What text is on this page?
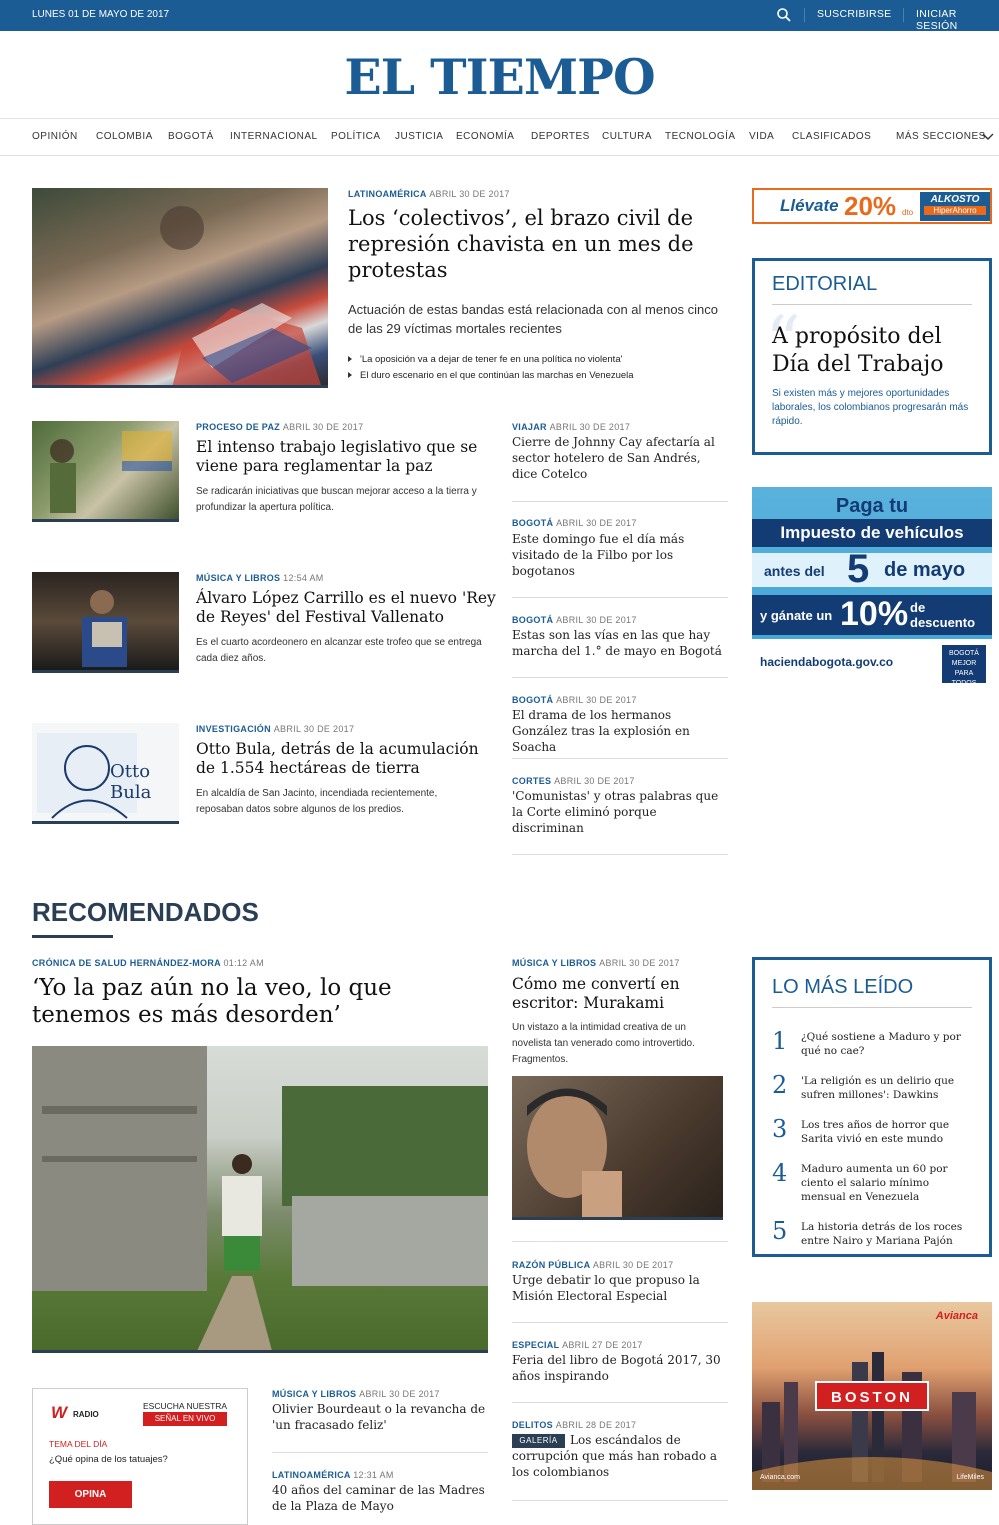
LUNES 01 DE MAYO DE 2017	SUSCRIBIRSE INICIAR SESIÓN
EL TIEMPO
OPINIÓN COLOMBIA BOGOTÁ INTERNACIONAL POLÍTICA JUSTICIA ECONOMÍA DEPORTES CULTURA TECNOLOGÍA VIDA CLASIFICADOS MÁS SECCIONES
LATINOAMÉRICA ABRIL 30 DE 2017
Los ‘colectivos’, el brazo civil de represión chavista en un mes de protestas
Actuación de estas bandas está relacionada con al menos cinco de las 29 víctimas mortales recientes
'La oposición va a dejar de tener fe en una política no violenta'
El duro escenario en el que continúan las marchas en Venezuela
PROCESO DE PAZ ABRIL 30 DE 2017
El intenso trabajo legislativo que se viene para reglamentar la paz
Se radicarán iniciativas que buscan mejorar acceso a la tierra y profundizar la apertura política.
MÚSICA Y LIBROS 12:54 AM
Álvaro López Carrillo es el nuevo 'Rey de Reyes' del Festival Vallenato
Es el cuarto acordeonero en alcanzar este trofeo que se entrega cada diez años.
Otto Bula
INVESTIGACIÓN ABRIL 30 DE 2017
Otto Bula, detrás de la acumulación de 1.554 hectáreas de tierra
En alcaldía de San Jacinto, incendiada recientemente, reposaban datos sobre algunos de los predios.
VIAJAR ABRIL 30 DE 2017
Cierre de Johnny Cay afectaría al sector hotelero de San Andrés, dice Cotelco
BOGOTÁ ABRIL 30 DE 2017
Este domingo fue el día más visitado de la Filbo por los bogotanos
BOGOTÁ ABRIL 30 DE 2017
Estas son las vías en las que hay marcha del 1.° de mayo en Bogotá
BOGOTÁ ABRIL 30 DE 2017
El drama de los hermanos González tras la explosión en Soacha
CORTES ABRIL 30 DE 2017
'Comunistas' y otras palabras que la Corte eliminó porque discriminan
Llévate 20% dto
ALKOSTO
HiperAhorro
EDITORIAL
“
A propósito del Día del Trabajo
Si existen más y mejores oportunidades laborales, los colombianos progresarán más rápido.
Paga tu
Impuesto de vehículos
antes del 5 de mayo
y gánate un 10% de descuento
haciendabogota.gov.co
BOGOTÁ
MEJOR
PARA TODOS
RECOMENDADOS
CRÓNICA DE SALUD HERNÁNDEZ-MORA 01:12 AM
‘Yo la paz aún no la veo, lo que tenemos es más desorden’
MÚSICA Y LIBROS ABRIL 30 DE 2017
Cómo me convertí en escritor: Murakami
Un vistazo a la intimidad creativa de un novelista tan venerado como introvertido. Fragmentos.
RAZÓN PÚBLICA ABRIL 30 DE 2017
Urge debatir lo que propuso la Misión Electoral Especial
ESPECIAL ABRIL 27 DE 2017
Feria del libro de Bogotá 2017, 30 años inspirando
DELITOS ABRIL 28 DE 2017
Los escándalos de corrupción que más han robado a los colombianos
GALERÍA
W RADIO
ESCUCHA NUESTRA
SEÑAL EN VIVO
TEMA DEL DÍA
¿Qué opina de los tatuajes?
OPINA
MÚSICA Y LIBROS ABRIL 30 DE 2017
Olivier Bourdeaut o la revancha de 'un fracasado feliz'
LATINOAMÉRICA 12:31 AM
40 años del caminar de las Madres de la Plaza de Mayo
LO MÁS LEÍDO
1 ¿Qué sostiene a Maduro y por qué no cae?
2 'La religión es un delirio que sufren millones': Dawkins
3 Los tres años de horror que Sarita vivió en este mundo
4 Maduro aumenta un 60 por ciento el salario mínimo mensual en Venezuela
5 La historia detrás de los roces entre Nairo y Mariana Pajón
Avianca
BOSTON
Avianca.com	LifeMiles
